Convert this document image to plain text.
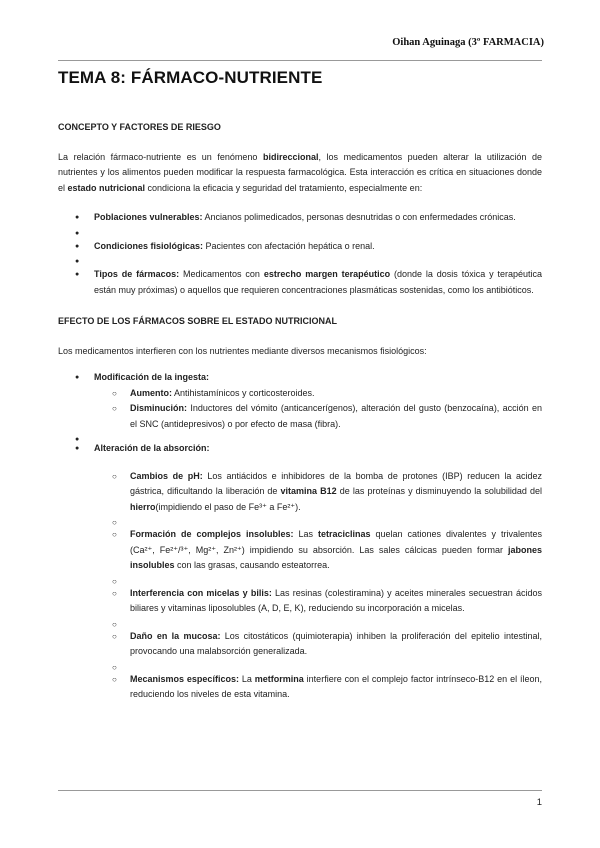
Oihan Aguinaga (3º FARMACIA)
TEMA 8: FÁRMACO-NUTRIENTE
CONCEPTO Y FACTORES DE RIESGO

La relación fármaco-nutriente es un fenómeno bidireccional, los medicamentos pueden alterar la utilización de nutrientes y los alimentos pueden modificar la respuesta farmacológica. Esta interacción es crítica en situaciones donde el estado nutricional condiciona la eficacia y seguridad del tratamiento, especialmente en:

● Poblaciones vulnerables: Ancianos polimedicados, personas desnutridas o con enfermedades crónicas.
●
● Condiciones fisiológicas: Pacientes con afectación hepática o renal.
●
● Tipos de fármacos: Medicamentos con estrecho margen terapéutico (donde la dosis tóxica y terapéutica están muy próximas) o aquellos que requieren concentraciones plasmáticas sostenidas, como los antibióticos.
EFECTO DE LOS FÁRMACOS SOBRE EL ESTADO NUTRICIONAL

Los medicamentos interfieren con los nutrientes mediante diversos mecanismos fisiológicos:

● Modificación de la ingesta:
○ Aumento: Antihistamínicos y corticosteroides.
○ Disminución: Inductores del vómito (anticancerígenos), alteración del gusto (benzocaína), acción en el SNC (antidepresivos) o por efecto de masa (fibra).
●
● Alteración de la absorción:
○ Cambios de pH: Los antiácidos e inhibidores de la bomba de protones (IBP) reducen la acidez gástrica, dificultando la liberación de vitamina B12 de las proteínas y disminuyendo la solubilidad del hierro(impidiendo el paso de Fe³⁺ a Fe²⁺).
○
○ Formación de complejos insolubles: Las tetraciclinas quelan cationes divalentes y trivalentes (Ca²⁺, Fe²⁺/³⁺, Mg²⁺, Zn²⁺) impidiendo su absorción. Las sales cálcicas pueden formar jabones insolubles con las grasas, causando esteatorrea.
○
○ Interferencia con micelas y bilis: Las resinas (colestiramina) y aceites minerales secuestran ácidos biliares y vitaminas liposolubles (A, D, E, K), reduciendo su incorporación a micelas.
○
○ Daño en la mucosa: Los citostáticos (quimioterapia) inhiben la proliferación del epitelio intestinal, provocando una malabsorción generalizada.
○
○ Mecanismos específicos: La metformina interfiere con el complejo factor intrínseco-B12 en el íleon, reduciendo los niveles de esta vitamina.
1
